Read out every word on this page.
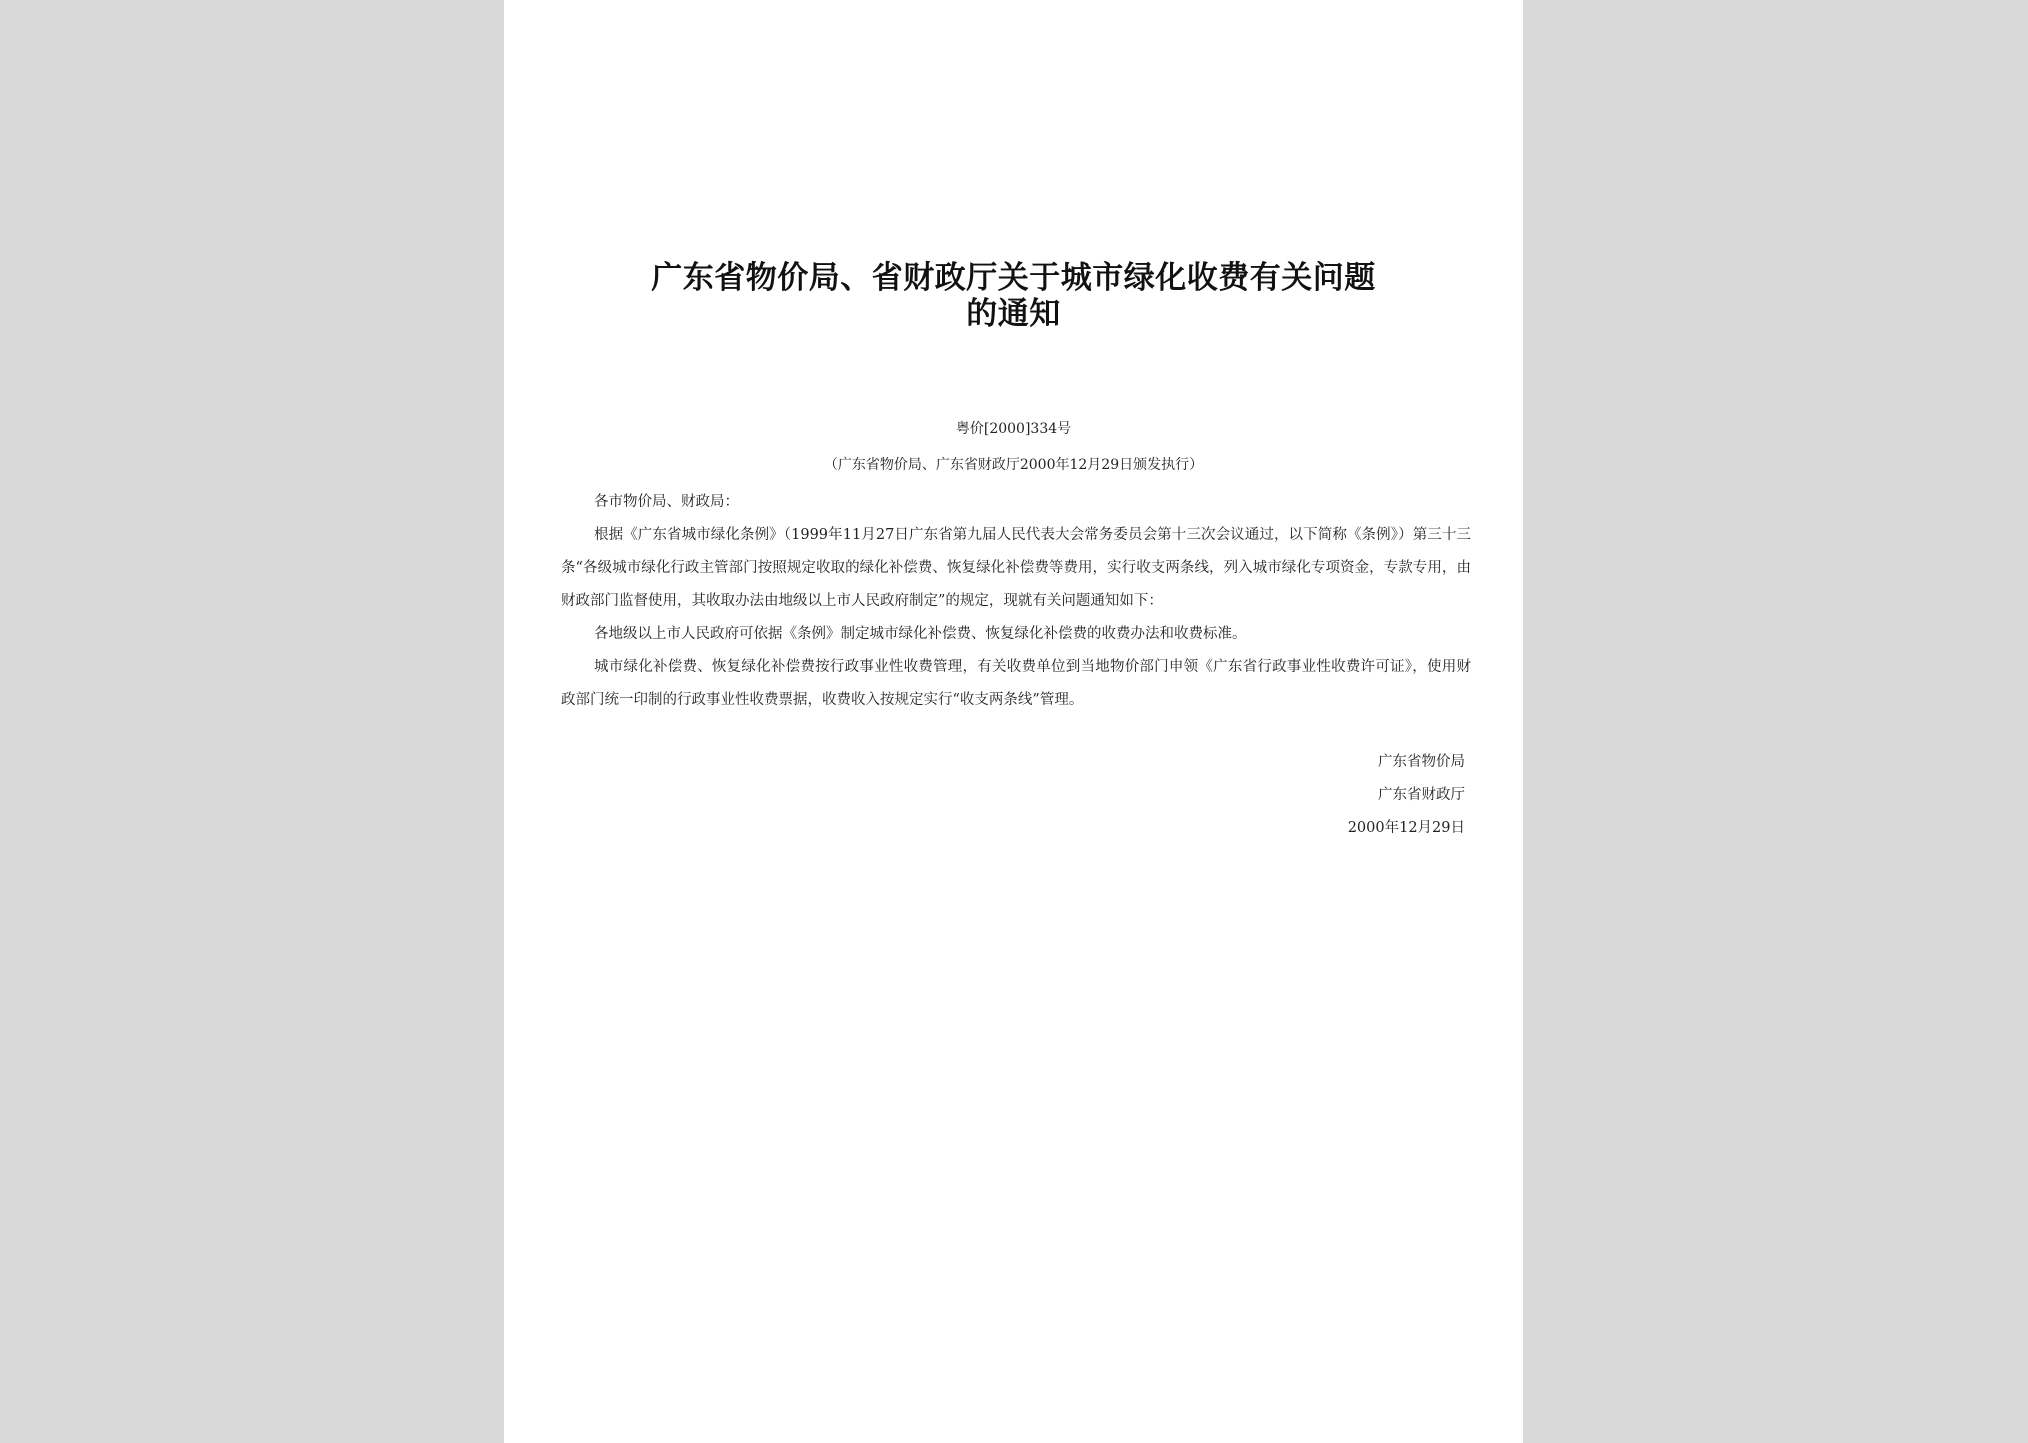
广东省物价局、省财政厅关于城市绿化收费有关问题
的通知
粤价[2000]334号
（广东省物价局、广东省财政厅2000年12月29日颁发执行）

各市物价局、财政局：

根据《广东省城市绿化条例》（1999年11月27日广东省第九届人民代表大会常务委员会第十三次会议通过，以下简称《条例》）第三十三条“各级城市绿化行政主管部门按照规定收取的绿化补偿费、恢复绿化补偿费等费用，实行收支两条线，列入城市绿化专项资金，专款专用，由财政部门监督使用，其收取办法由地级以上市人民政府制定”的规定，现就有关问题通知如下：

各地级以上市人民政府可依据《条例》制定城市绿化补偿费、恢复绿化补偿费的收费办法和收费标准。

城市绿化补偿费、恢复绿化补偿费按行政事业性收费管理，有关收费单位到当地物价部门申领《广东省行政事业性收费许可证》，使用财政部门统一印制的行政事业性收费票据，收费收入按规定实行“收支两条线”管理。

广东省物价局
广东省财政厅
2000年12月29日
